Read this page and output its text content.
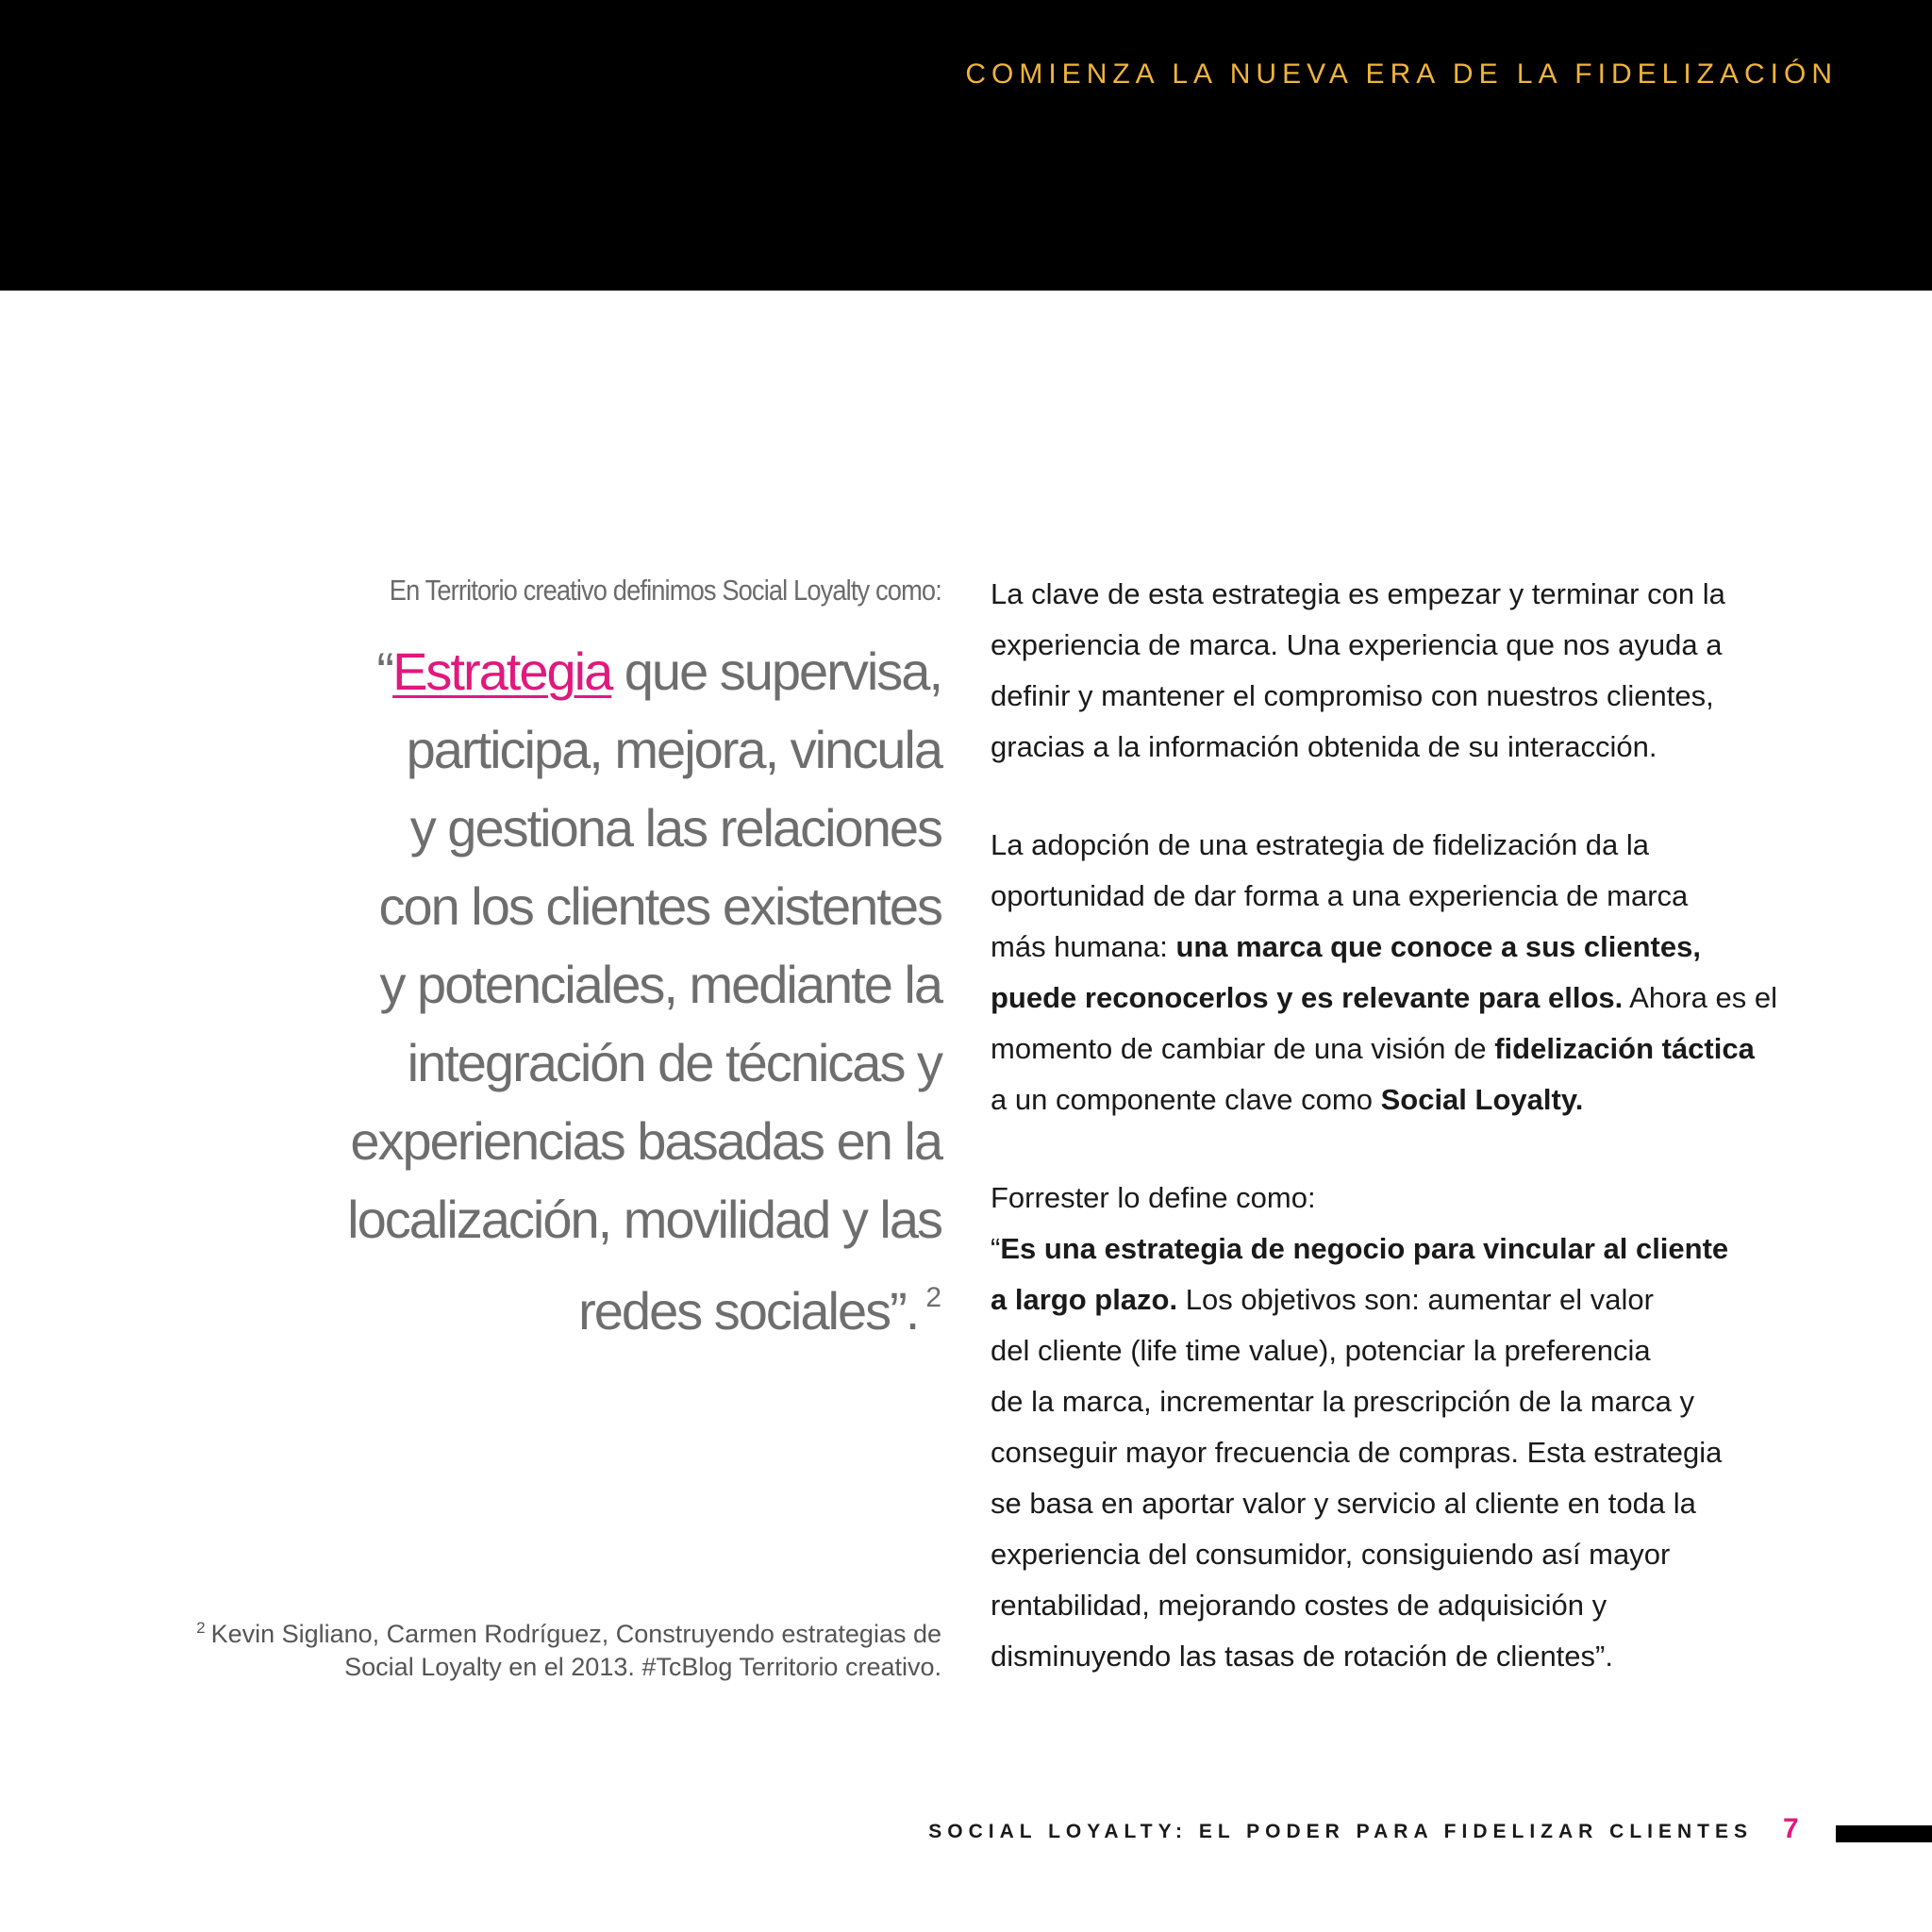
COMIENZA LA NUEVA ERA DE LA FIDELIZACIÓN
En Territorio creativo definimos Social Loyalty como:
“Estrategia que supervisa,
participa, mejora, vincula
y gestiona las relaciones
con los clientes existentes
y potenciales, mediante la
integración de técnicas y
experiencias basadas en la
localización, movilidad y las
redes sociales”. $^2$
$^2$ Kevin Sigliano, Carmen Rodríguez, Construyendo estrategias de
Social Loyalty en el 2013. #TcBlog Territorio creativo.
La clave de esta estrategia es empezar y terminar con la
experiencia de marca. Una experiencia que nos ayuda a
definir y mantener el compromiso con nuestros clientes,
gracias a la información obtenida de su interacción.
La adopción de una estrategia de fidelización da la
oportunidad de dar forma a una experiencia de marca
más humana: una marca que conoce a sus clientes,
puede reconocerlos y es relevante para ellos. Ahora es el
momento de cambiar de una visión de fidelización táctica
a un componente clave como Social Loyalty.
Forrester lo define como:
“Es una estrategia de negocio para vincular al cliente
a largo plazo. Los objetivos son: aumentar el valor
del cliente (life time value), potenciar la preferencia
de la marca, incrementar la prescripción de la marca y
conseguir mayor frecuencia de compras. Esta estrategia
se basa en aportar valor y servicio al cliente en toda la
experiencia del consumidor, consiguiendo así mayor
rentabilidad, mejorando costes de adquisición y
disminuyendo las tasas de rotación de clientes”.
SOCIAL LOYALTY: EL PODER PARA FIDELIZAR CLIENTES 7
